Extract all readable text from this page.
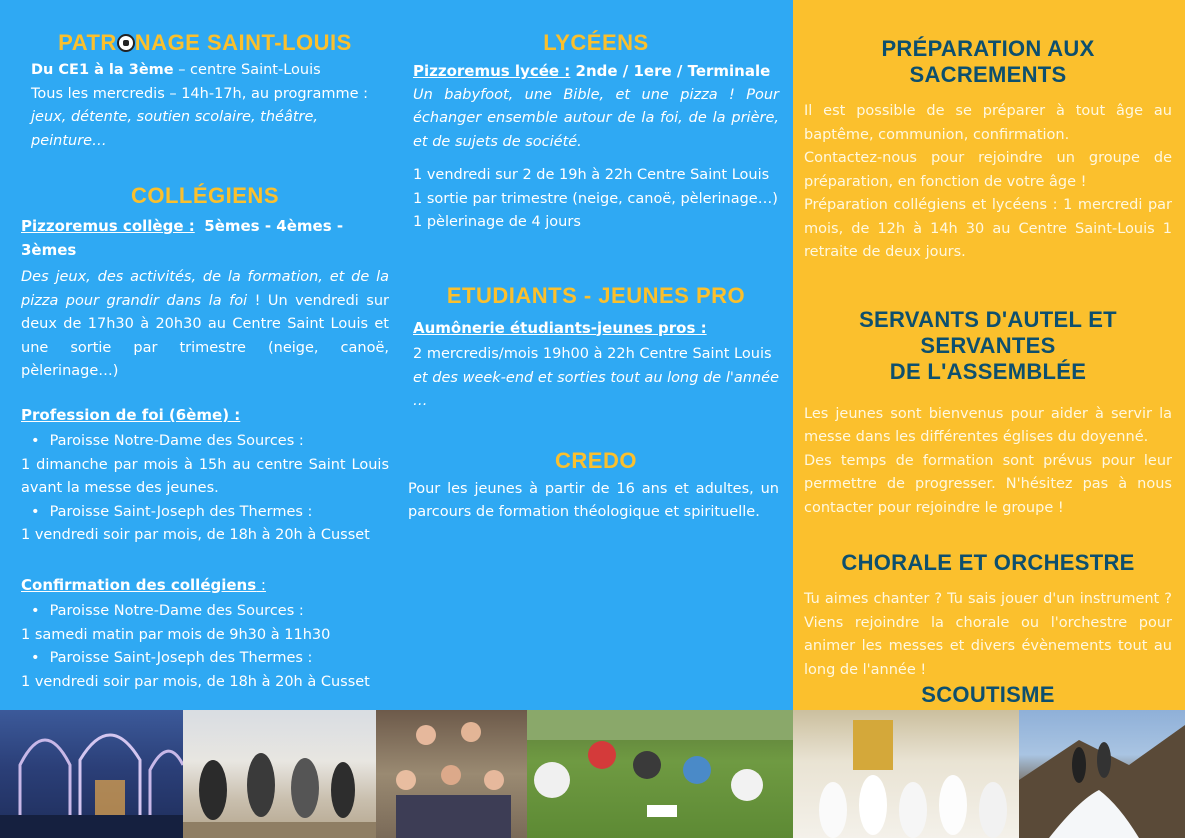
PATR NAGE SAINT-LOUIS

Du CE1 à la 3ème – centre Saint-Louis

Tous les mercredis – 14h-17h, au programme :

jeux, détente, soutien scolaire, théâtre, peinture…

COLLÉGIENS

Pizzoremus collège : 5èmes - 4èmes - 3èmes

Des jeux, des activités, de la formation, et de la pizza pour grandir dans la foi ! Un vendredi sur deux de 17h30 à 20h30 au Centre Saint Louis et une sortie par trimestre (neige, canoë, pèlerinage…)

Profession de foi (6ème) :

• Paroisse Notre-Dame des Sources :

1 dimanche par mois à 15h au centre Saint Louis avant la messe des jeunes.

• Paroisse Saint-Joseph des Thermes :

1 vendredi soir par mois, de 18h à 20h à Cusset

Confirmation des collégiens :

• Paroisse Notre-Dame des Sources :

1 samedi matin par mois de 9h30 à 11h30

• Paroisse Saint-Joseph des Thermes :

1 vendredi soir par mois, de 18h à 20h à Cusset

LYCÉENS

Pizzoremus lycée : 2nde / 1ere / Terminale

Un babyfoot, une Bible, et une pizza ! Pour échanger ensemble autour de la foi, de la prière, et de sujets de société.

1 vendredi sur 2 de 19h à 22h Centre Saint Louis

1 sortie par trimestre (neige, canoë, pèlerinage…)

1 pèlerinage de 4 jours

ETUDIANTS - JEUNES PRO

Aumônerie étudiants-jeunes pros :

2 mercredis/mois 19h00 à 22h Centre Saint Louis

et des week-end et sorties tout au long de l'année …

CREDO

Pour les jeunes à partir de 16 ans et adultes, un parcours de formation théologique et spirituelle.

PRÉPARATION AUX SACREMENTS

Il est possible de se préparer à tout âge au baptême, communion, confirmation.

Contactez-nous pour rejoindre un groupe de préparation, en fonction de votre âge !

Préparation collégiens et lycéens : 1 mercredi par mois, de 12h à 14h 30 au Centre Saint-Louis 1 retraite de deux jours.

SERVANTS D'AUTEL ET SERVANTES
DE L'ASSEMBLÉE

Les jeunes sont bienvenus pour aider à servir la messe dans les différentes églises du doyenné.

Des temps de formation sont prévus pour leur permettre de progresser. N'hésitez pas à nous contacter pour rejoindre le groupe !

CHORALE ET ORCHESTRE

Tu aimes chanter ? Tu sais jouer d'un instrument ? Viens rejoindre la chorale ou l'orchestre pour animer les messes et divers évènements tout au long de l'année !

SCOUTISME
